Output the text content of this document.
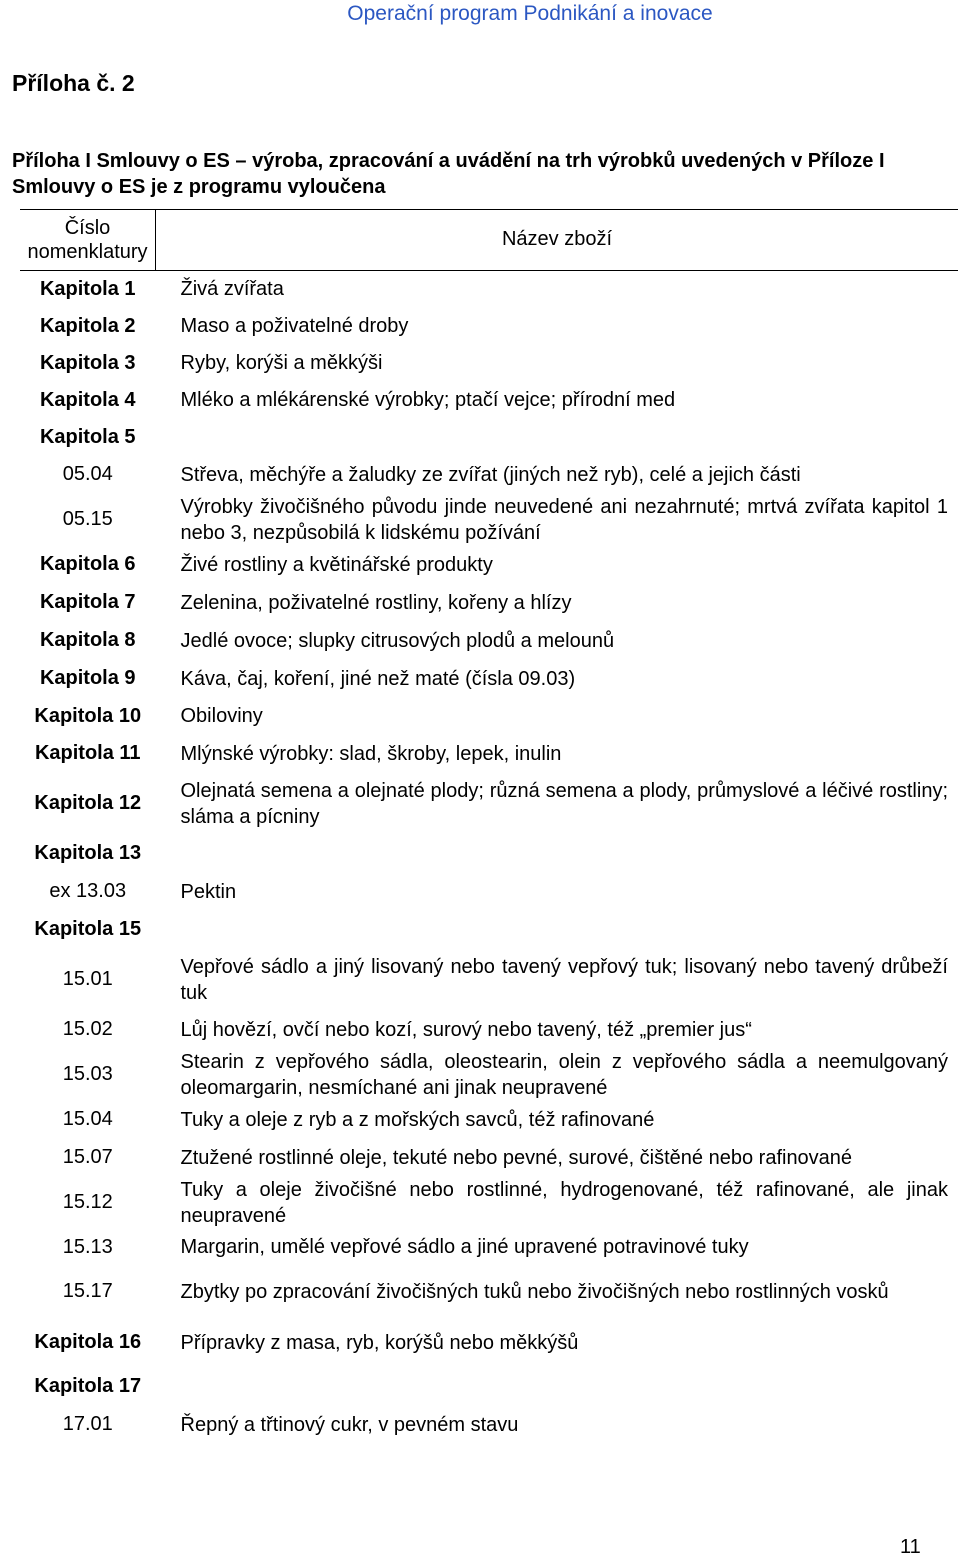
Operační program Podnikání a inovace
Příloha č. 2
Příloha I Smlouvy o ES – výroba, zpracování a uvádění na trh výrobků uvedených v Příloze I Smlouvy o ES je z programu vyloučena
Číslo nomenklatury	Název zboží
Kapitola 1	Živá zvířata
Kapitola 2	Maso a poživatelné droby
Kapitola 3	Ryby, korýši a měkkýši
Kapitola 4	Mléko a mlékárenské výrobky; ptačí vejce; přírodní med
Kapitola 5	
05.04	Střeva, měchýře a žaludky ze zvířat (jiných než ryb), celé a jejich části
05.15	Výrobky živočišného původu jinde neuvedené ani nezahrnuté; mrtvá zvířata kapitol 1 nebo 3, nezpůsobilá k lidskému požívání
Kapitola 6	Živé rostliny a květinářské produkty
Kapitola 7	Zelenina, poživatelné rostliny, kořeny a hlízy
Kapitola 8	Jedlé ovoce; slupky citrusových plodů a melounů
Kapitola 9	Káva, čaj, koření, jiné než maté (čísla 09.03)
Kapitola 10	Obiloviny
Kapitola 11	Mlýnské výrobky: slad, škroby, lepek, inulin
Kapitola 12	Olejnatá semena a olejnaté plody; různá semena a plody, průmyslové a léčivé rostliny; sláma a pícniny
Kapitola 13	
ex 13.03	Pektin
Kapitola 15	
15.01	Vepřové sádlo a jiný lisovaný nebo tavený vepřový tuk; lisovaný nebo tavený drůbeží tuk
15.02	Lůj hovězí, ovčí nebo kozí, surový nebo tavený, též „premier jus“
15.03	Stearin z vepřového sádla, oleostearin, olein z vepřového sádla a neemulgovaný oleomargarin, nesmíchané ani jinak neupravené
15.04	Tuky a oleje z ryb a z mořských savců, též rafinované
15.07	Ztužené rostlinné oleje, tekuté nebo pevné, surové, čištěné nebo rafinované
15.12	Tuky a oleje živočišné nebo rostlinné, hydrogenované, též rafinované, ale jinak neupravené
15.13	Margarin, umělé vepřové sádlo a jiné upravené potravinové tuky
15.17	Zbytky po zpracování živočišných tuků nebo živočišných nebo rostlinných vosků
Kapitola 16	Přípravky z masa, ryb, korýšů nebo měkkýšů
Kapitola 17	
17.01	Řepný a třtinový cukr, v pevném stavu
11
